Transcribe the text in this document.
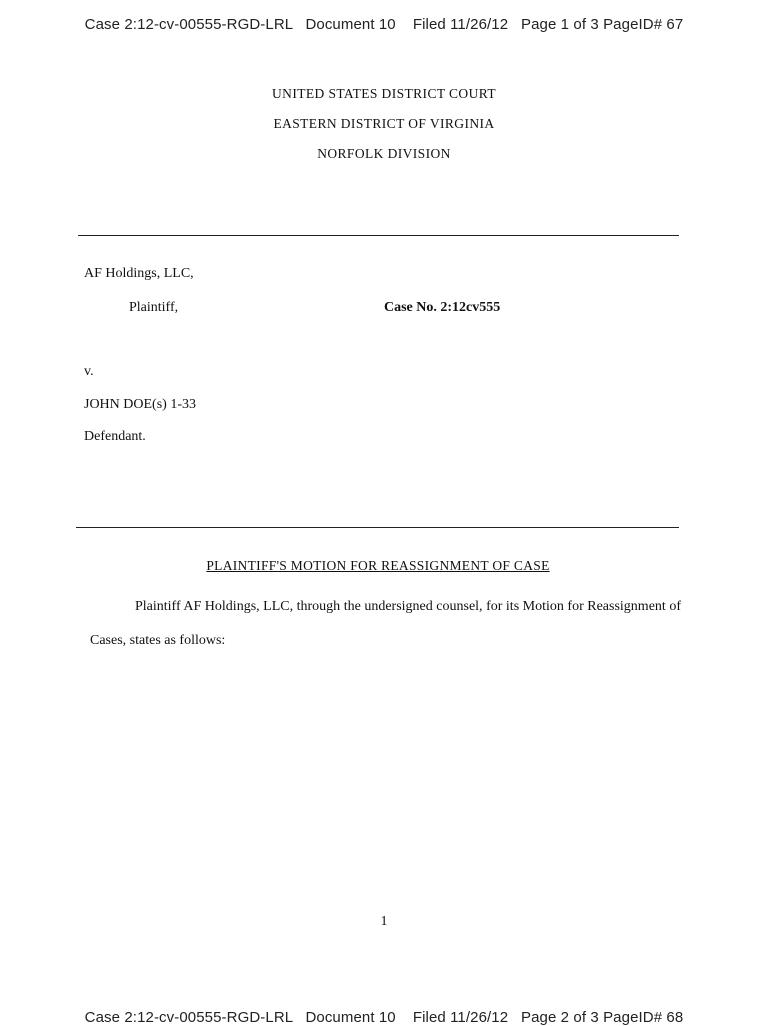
Case 2:12-cv-00555-RGD-LRL   Document 10    Filed 11/26/12   Page 1 of 3 PageID# 67
UNITED STATES DISTRICT COURT
EASTERN DISTRICT OF VIRGINIA
NORFOLK DIVISION
AF Holdings, LLC,
Plaintiff,	Case No. 2:12cv555
v.
JOHN DOE(s) 1-33
Defendant.
PLAINTIFF'S MOTION FOR REASSIGNMENT OF CASE

Plaintiff AF Holdings, LLC, through the undersigned counsel, for its Motion for Reassignment of Cases, states as follows:

1
Case 2:12-cv-00555-RGD-LRL   Document 10    Filed 11/26/12   Page 2 of 3 PageID# 68
